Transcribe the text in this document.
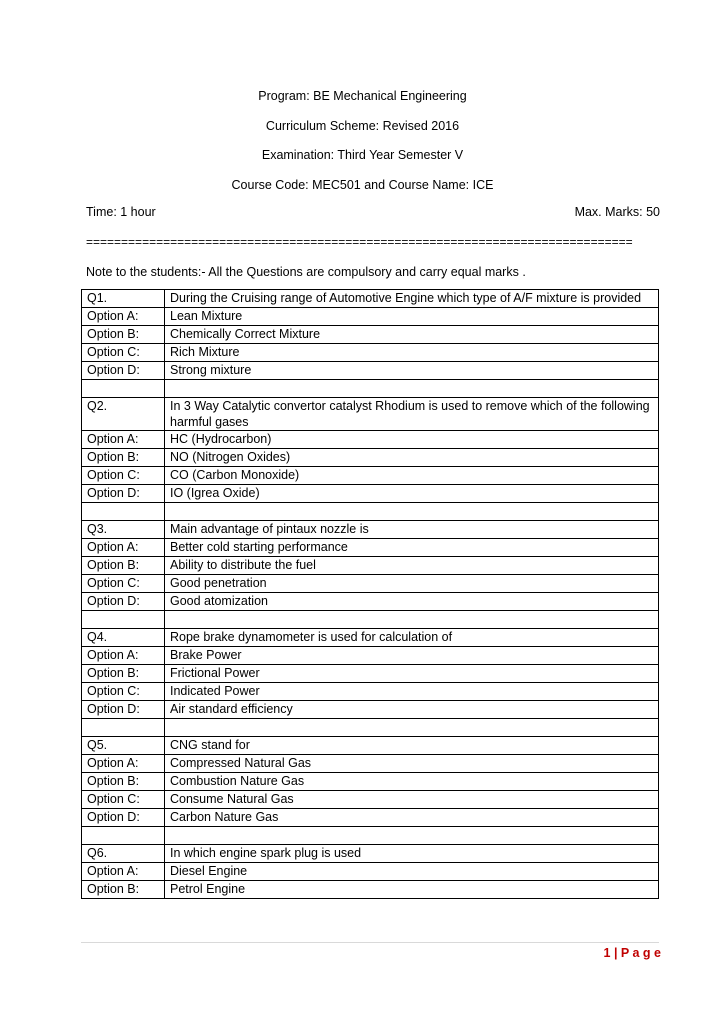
Program: BE Mechanical Engineering
Curriculum Scheme: Revised 2016
Examination: Third Year Semester V
Course Code: MEC501 and Course Name: ICE
Time: 1 hour	Max. Marks: 50
==============================================================================
Note to the students:- All the Questions are compulsory and carry equal marks .
Q1.	During the Cruising range of Automotive Engine which type of A/F mixture is provided
Option A:	Lean Mixture
Option B:	Chemically Correct Mixture
Option C:	Rich Mixture
Option D:	Strong mixture

Q2.	In 3 Way Catalytic convertor catalyst Rhodium is used to remove which of the following harmful gases
Option A:	HC (Hydrocarbon)
Option B:	NO (Nitrogen Oxides)
Option C:	CO (Carbon Monoxide)
Option D:	IO (Igrea Oxide)

Q3.	Main advantage of pintaux nozzle is
Option A:	Better cold starting performance
Option B:	Ability to distribute the fuel
Option C:	Good penetration
Option D:	Good atomization

Q4.	Rope brake dynamometer is used for calculation of
Option A:	Brake Power
Option B:	Frictional Power
Option C:	Indicated Power
Option D:	Air standard efficiency

Q5.	CNG stand for
Option A:	Compressed Natural Gas
Option B:	Combustion Nature Gas
Option C:	Consume Natural Gas
Option D:	Carbon Nature Gas

Q6.	In which engine spark plug is used
Option A:	Diesel Engine
Option B:	Petrol Engine
1 | P a g e
